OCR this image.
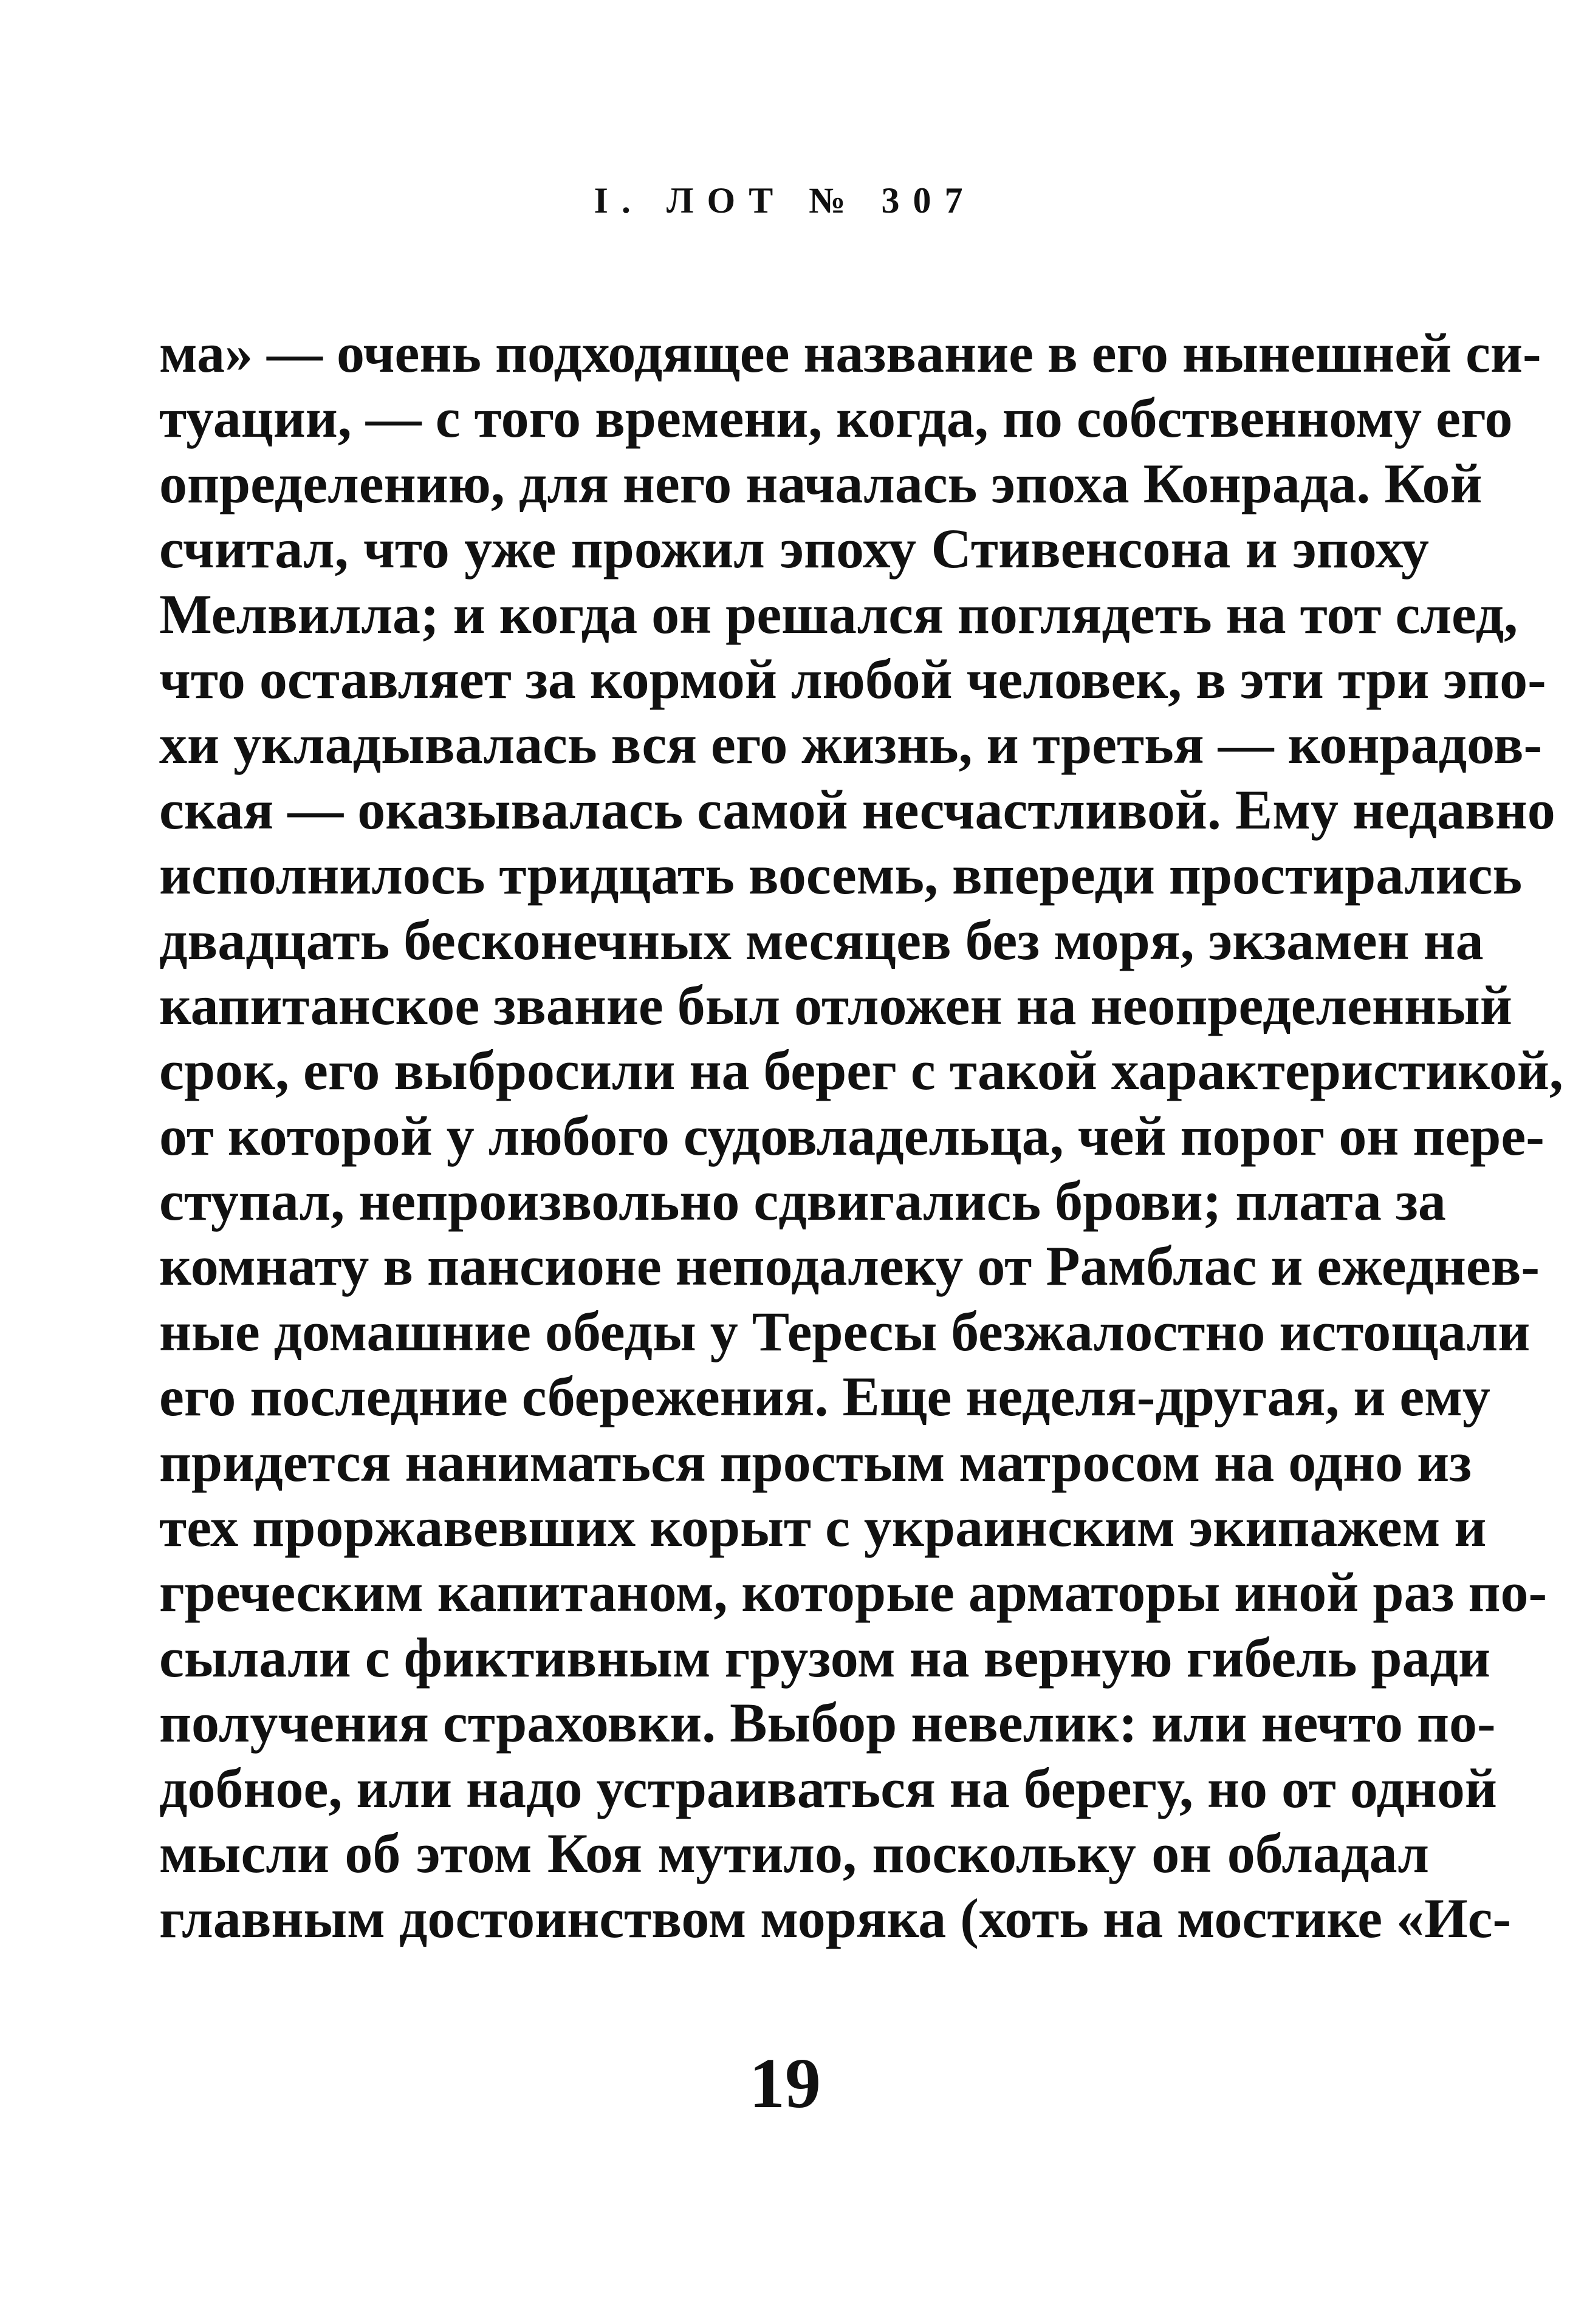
I. ЛОТ № 307
ма» — очень подходящее название в его нынешней си-
туации, — с того времени, когда, по собственному его
определению, для него началась эпоха Конрада. Кой
считал, что уже прожил эпоху Стивенсона и эпоху
Мелвилла; и когда он решался поглядеть на тот след,
что оставляет за кормой любой человек, в эти три эпо-
хи укладывалась вся его жизнь, и третья — конрадов-
ская — оказывалась самой несчастливой. Ему недавно
исполнилось тридцать восемь, впереди простирались
двадцать бесконечных месяцев без моря, экзамен на
капитанское звание был отложен на неопределенный
срок, его выбросили на берег с такой характеристикой,
от которой у любого судовладельца, чей порог он пере-
ступал, непроизвольно сдвигались брови; плата за
комнату в пансионе неподалеку от Рамблас и ежеднев-
ные домашние обеды у Тересы безжалостно истощали
его последние сбережения. Еще неделя-другая, и ему
придется наниматься простым матросом на одно из
тех проржавевших корыт с украинским экипажем и
греческим капитаном, которые арматоры иной раз по-
сылали с фиктивным грузом на верную гибель ради
получения страховки. Выбор невелик: или нечто по-
добное, или надо устраиваться на берегу, но от одной
мысли об этом Коя мутило, поскольку он обладал
главным достоинством моряка (хоть на мостике «Ис-
19
